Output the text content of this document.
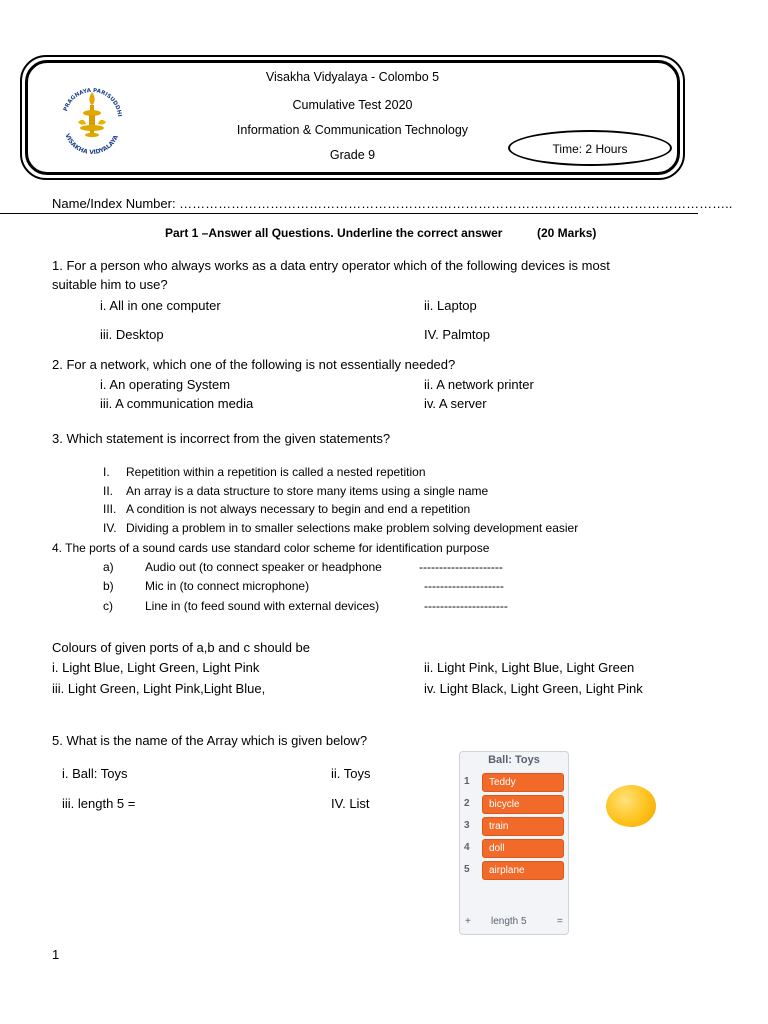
PRAGNAYA PARISUDDHI
VISAKHA VIDYALAYA
Visakha Vidyalaya - Colombo 5
Cumulative Test 2020
Information & Communication Technology
Grade 9	Time: 2 Hours
Name/Index Number: ………………………………………………………………………………………………………………..
Part 1 –Answer all Questions. Underline the correct answer	(20 Marks)
1. For a person who always works as a data entry operator which of the following devices is most
suitable him to use?
i. All in one computer	ii. Laptop
iii. Desktop	IV. Palmtop
2. For a network, which one of the following is not essentially needed?
i. An operating System	ii. A network printer
iii. A communication media	iv. A server
3. Which statement is incorrect from the given statements?
I. Repetition within a repetition is called a nested repetition
II. An array is a data structure to store many items using a single name
III. A condition is not always necessary to begin and end a repetition
IV. Dividing a problem in to smaller selections make problem solving development easier
4. The ports of a sound cards use standard color scheme for identification purpose
a)	Audio out (to connect speaker or headphone	---------------------
b)	Mic in (to connect microphone)	--------------------
c)	Line in (to feed sound with external devices)	---------------------
Colours of given ports of a,b and c should be
i. Light Blue, Light Green, Light Pink	ii. Light Pink, Light Blue, Light Green
iii. Light Green, Light Pink,Light Blue,	iv. Light Black, Light Green, Light Pink
5. What is the name of the Array which is given below?
i. Ball: Toys	ii. Toys
iii. length 5 =	IV. List
Ball: Toys
1	Teddy
2	bicycle
3	train
4	doll
5	airplane
+ length 5	=
1
